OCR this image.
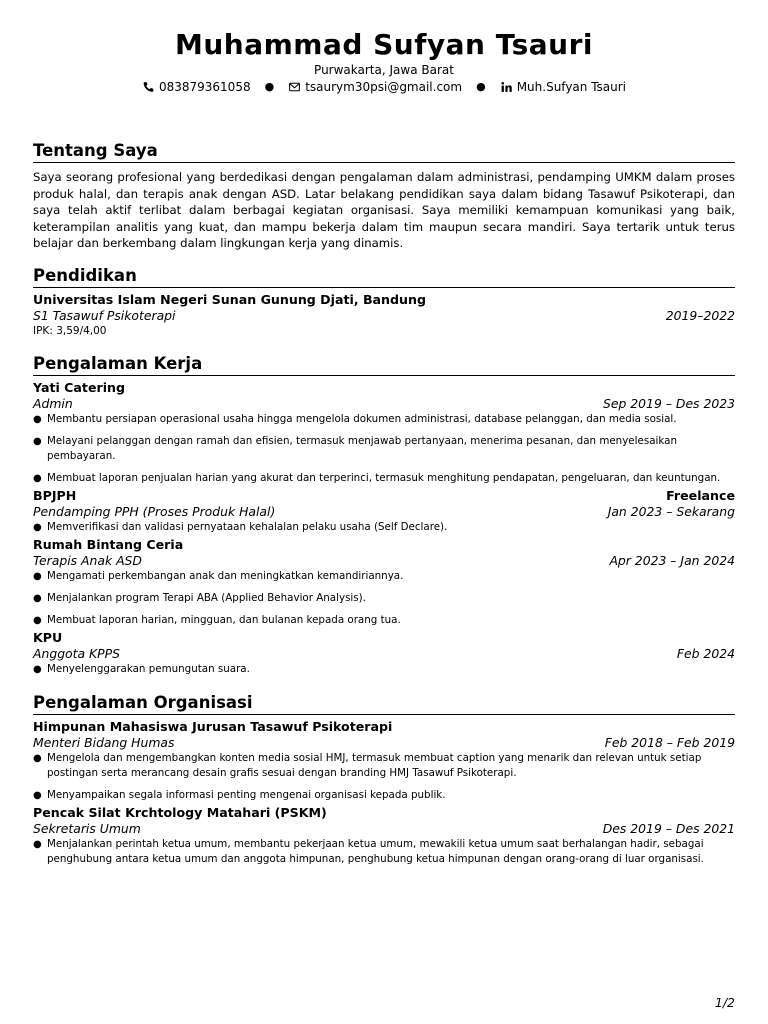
Muhammad Sufyan Tsauri
Purwakarta, Jawa Barat
083879361058 ●	tsaurym30psi@gmail.com ●	Muh.Sufyan Tsauri
Tentang Saya
Saya seorang profesional yang berdedikasi dengan pengalaman dalam administrasi, pendamping UMKM dalam proses produk halal, dan terapis anak dengan ASD. Latar belakang pendidikan saya dalam bidang Tasawuf Psikoterapi, dan saya telah aktif terlibat dalam berbagai kegiatan organisasi. Saya memiliki kemampuan komunikasi yang baik, keterampilan analitis yang kuat, dan mampu bekerja dalam tim maupun secara mandiri. Saya tertarik untuk terus belajar dan berkembang dalam lingkungan kerja yang dinamis.
Pendidikan
Universitas Islam Negeri Sunan Gunung Djati, Bandung
S1 Tasawuf Psikoterapi	2019–2022
IPK: 3,59/4,00
Pengalaman Kerja
Yati Catering
Admin	Sep 2019 – Des 2023
● Membantu persiapan operasional usaha hingga mengelola dokumen administrasi, database pelanggan, dan media sosial.
● Melayani pelanggan dengan ramah dan efisien, termasuk menjawab pertanyaan, menerima pesanan, dan menyelesaikan pembayaran.
● Membuat laporan penjualan harian yang akurat dan terperinci, termasuk menghitung pendapatan, pengeluaran, dan keuntungan.
BPJPH	Freelance
Pendamping PPH (Proses Produk Halal)	Jan 2023 – Sekarang
● Memverifikasi dan validasi pernyataan kehalalan pelaku usaha (Self Declare).
Rumah Bintang Ceria
Terapis Anak ASD	Apr 2023 – Jan 2024
● Mengamati perkembangan anak dan meningkatkan kemandiriannya.
● Menjalankan program Terapi ABA (Applied Behavior Analysis).
● Membuat laporan harian, mingguan, dan bulanan kepada orang tua.
KPU
Anggota KPPS	Feb 2024
● Menyelenggarakan pemungutan suara.
Pengalaman Organisasi
Himpunan Mahasiswa Jurusan Tasawuf Psikoterapi
Menteri Bidang Humas	Feb 2018 – Feb 2019
● Mengelola dan mengembangkan konten media sosial HMJ, termasuk membuat caption yang menarik dan relevan untuk setiap postingan serta merancang desain grafis sesuai dengan branding HMJ Tasawuf Psikoterapi.
● Menyampaikan segala informasi penting mengenai organisasi kepada publik.
Pencak Silat Krchtology Matahari (PSKM)
Sekretaris Umum	Des 2019 – Des 2021
● Menjalankan perintah ketua umum, membantu pekerjaan ketua umum, mewakili ketua umum saat berhalangan hadir, sebagai penghubung antara ketua umum dan anggota himpunan, penghubung ketua himpunan dengan orang-orang di luar organisasi.
1/2
